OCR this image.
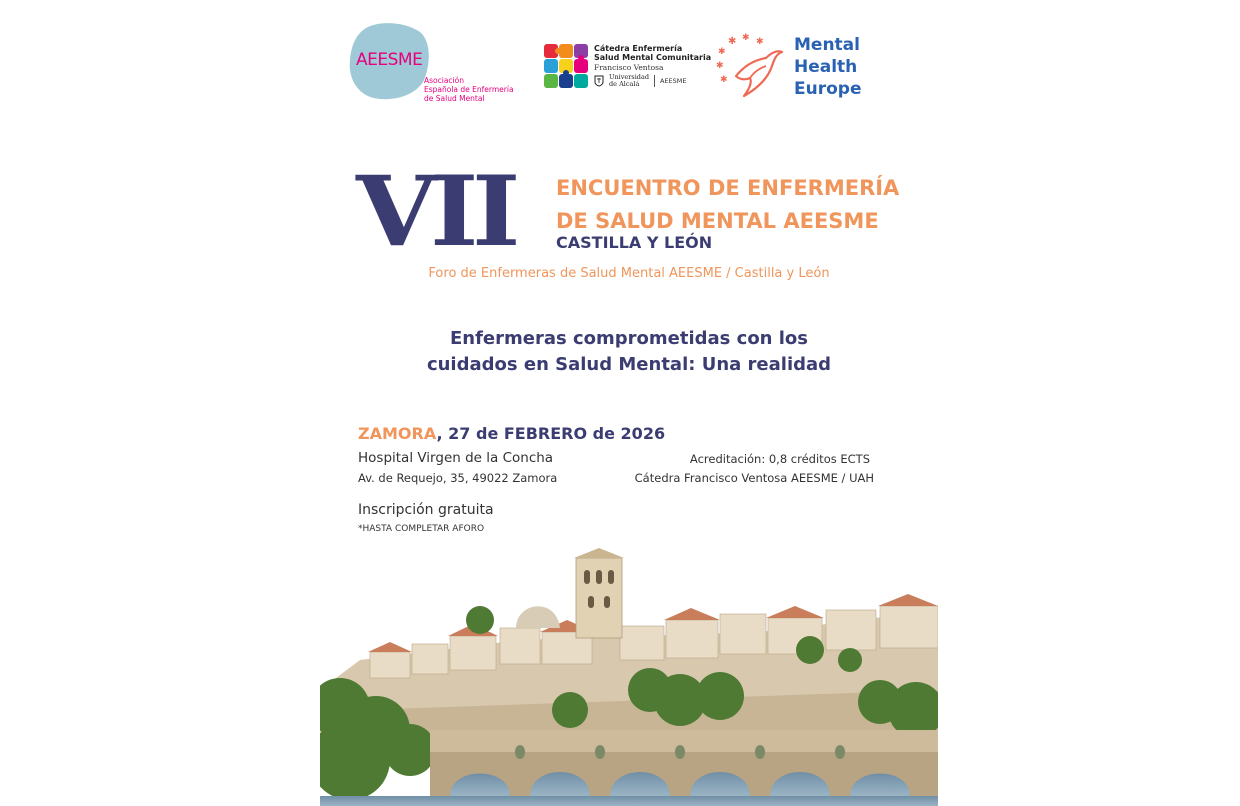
AEESME
Asociación
Española de Enfermería
de Salud Mental
Cátedra Enfermería
Salud Mental Comunitaria
Francisco Ventosa
Universidad
de Alcalá	AEESME
✱ ✱ ✱
✱
✱
✱
Mental
Health
Europe
VII ENCUENTRO DE ENFERMERÍA
DE SALUD MENTAL AEESME
CASTILLA Y LEÓN
Foro de Enfermeras de Salud Mental AEESME / Castilla y León
Enfermeras comprometidas con los
cuidados en Salud Mental: Una realidad
ZAMORA, 27 de FEBRERO de 2026
Hospital Virgen de la Concha
Av. de Requejo, 35, 49022 Zamora
Acreditación: 0,8 créditos ECTS
Cátedra Francisco Ventosa AEESME / UAH
Inscripción gratuita
*HASTA COMPLETAR AFORO
